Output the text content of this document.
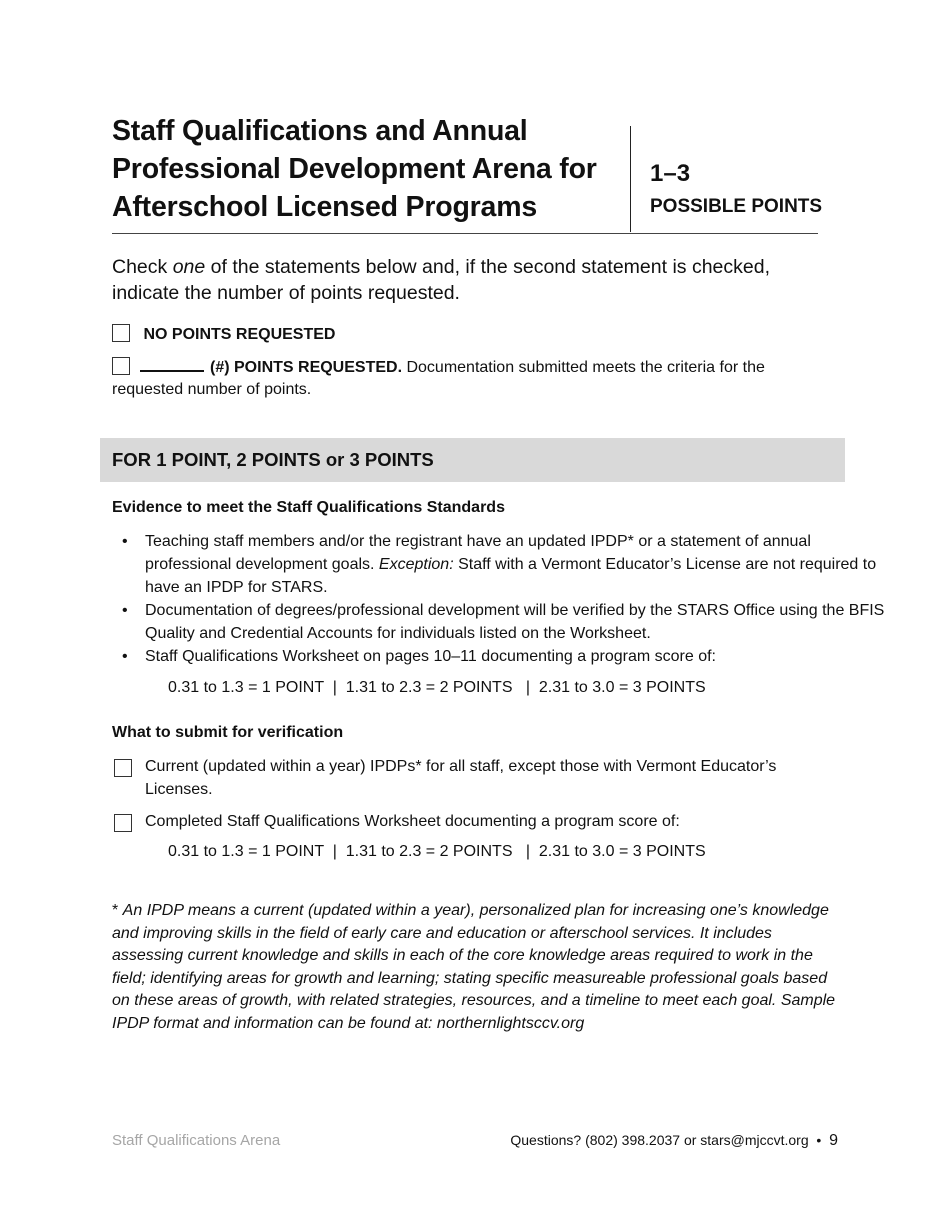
Staff Qualifications and Annual
Professional Development Arena for
Afterschool Licensed Programs
1–3
POSSIBLE POINTS
Check one of the statements below and, if the second statement is checked, indicate the number of points requested.
NO POINTS REQUESTED
(#) POINTS REQUESTED. Documentation submitted meets the criteria for the requested number of points.
FOR 1 POINT, 2 POINTS or 3 POINTS
Evidence to meet the Staff Qualifications Standards
• Teaching staff members and/or the registrant have an updated IPDP* or a statement of annual professional development goals. Exception: Staff with a Vermont Educator’s License are not required to have an IPDP for STARS.
• Documentation of degrees/professional development will be verified by the STARS Office using the BFIS Quality and Credential Accounts for individuals listed on the Worksheet.
• Staff Qualifications Worksheet on pages 10–11 documenting a program score of:
0.31 to 1.3 = 1 POINT  |  1.31 to 2.3 = 2 POINTS   |  2.31 to 3.0 = 3 POINTS
What to submit for verification
Current (updated within a year) IPDPs* for all staff, except those with Vermont Educator’s Licenses.
Completed Staff Qualifications Worksheet documenting a program score of:
0.31 to 1.3 = 1 POINT  |  1.31 to 2.3 = 2 POINTS   |  2.31 to 3.0 = 3 POINTS
* An IPDP means a current (updated within a year), personalized plan for increasing one’s knowledge and improving skills in the field of early care and education or afterschool services. It includes assessing current knowledge and skills in each of the core knowledge areas required to work in the field; identifying areas for growth and learning; stating specific measureable professional goals based on these areas of growth, with related strategies, resources, and a timeline to meet each goal. Sample IPDP format and information can be found at: northernlightsccv.org
Staff Qualifications Arena	Questions? (802) 398.2037 or stars@mjccvt.org  •  9
